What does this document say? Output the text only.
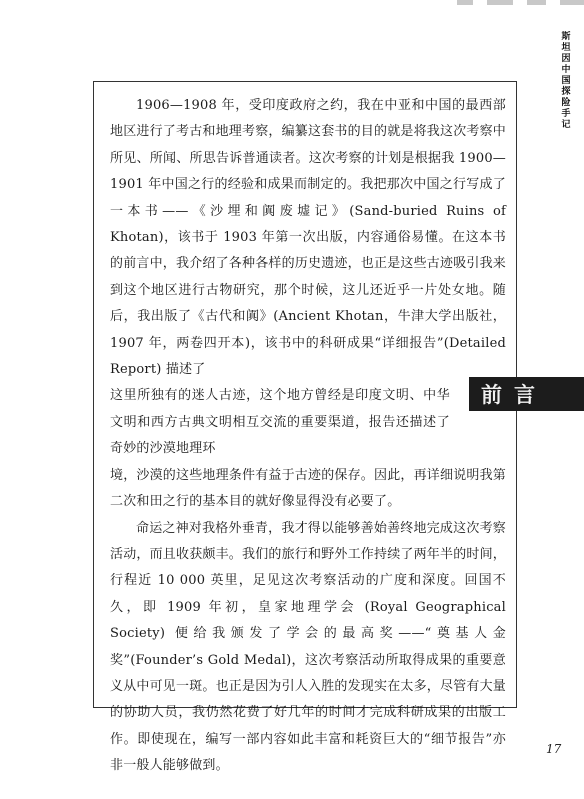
斯坦因中国探险手记

1906—1908 年，受印度政府之约，我在中亚和中国的最西部地区进行了考古和地理考察，编纂这套书的目的就是将我这次考察中所见、所闻、所思告诉普通读者。这次考察的计划是根据我 1900—1901 年中国之行的经验和成果而制定的。我把那次中国之行写成了一本书——《沙埋和阗废墟记》(Sand-buried Ruins of Khotan)，该书于 1903 年第一次出版，内容通俗易懂。在这本书的前言中，我介绍了各种各样的历史遗迹，也正是这些古迹吸引我来到这个地区进行古物研究，那个时候，这儿还近乎一片处女地。随后，我出版了《古代和阗》(Ancient Khotan，牛津大学出版社，1907 年，两卷四开本)，该书中的科研成果“详细报告”(Detailed Report) 描述了

这里所独有的迷人古迹，这个地方曾经是印度文明、中华文明和西方古典文明相互交流的重要渠道，报告还描述了奇妙的沙漠地理环

境，沙漠的这些地理条件有益于古迹的保存。因此，再详细说明我第二次和田之行的基本目的就好像显得没有必要了。

命运之神对我格外垂青，我才得以能够善始善终地完成这次考察活动，而且收获颇丰。我们的旅行和野外工作持续了两年半的时间，行程近 10 000 英里，足见这次考察活动的广度和深度。回国不久，即 1909 年初，皇家地理学会 (Royal Geographical Society) 便给我颁发了学会的最高奖——“奠基人金奖”(Founder’s Gold Medal)，这次考察活动所取得成果的重要意义从中可见一斑。也正是因为引人入胜的发现实在太多，尽管有大量的协助人员，我仍然花费了好几年的时间才完成科研成果的出版工作。即使现在，编写一部内容如此丰富和耗资巨大的“细节报告”亦非一般人能够做到。

前言
17
